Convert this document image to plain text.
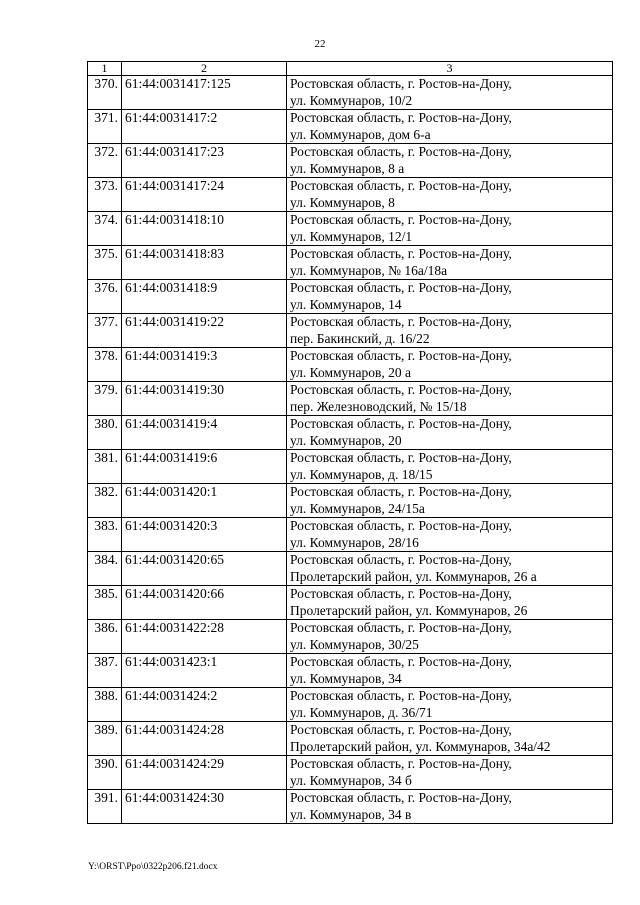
22
1	2	3
370.	61:44:0031417:125	Ростовская область, г. Ростов-на-Дону,
ул. Коммунаров, 10/2

371.	61:44:0031417:2	Ростовская область, г. Ростов-на-Дону,
ул. Коммунаров, дом 6-а

372.	61:44:0031417:23	Ростовская область, г. Ростов-на-Дону,
ул. Коммунаров, 8 а

373.	61:44:0031417:24	Ростовская область, г. Ростов-на-Дону,
ул. Коммунаров, 8

374.	61:44:0031418:10	Ростовская область, г. Ростов-на-Дону,
ул. Коммунаров, 12/1

375.	61:44:0031418:83	Ростовская область, г. Ростов-на-Дону,
ул. Коммунаров, № 16а/18а

376.	61:44:0031418:9	Ростовская область, г. Ростов-на-Дону,
ул. Коммунаров, 14

377.	61:44:0031419:22	Ростовская область, г. Ростов-на-Дону,
пер. Бакинский, д. 16/22

378.	61:44:0031419:3	Ростовская область, г. Ростов-на-Дону,
ул. Коммунаров, 20 а

379.	61:44:0031419:30	Ростовская область, г. Ростов-на-Дону,
пер. Железноводский, № 15/18

380.	61:44:0031419:4	Ростовская область, г. Ростов-на-Дону,
ул. Коммунаров, 20

381.	61:44:0031419:6	Ростовская область, г. Ростов-на-Дону,
ул. Коммунаров, д. 18/15

382.	61:44:0031420:1	Ростовская область, г. Ростов-на-Дону,
ул. Коммунаров, 24/15а

383.	61:44:0031420:3	Ростовская область, г. Ростов-на-Дону,
ул. Коммунаров, 28/16

384.	61:44:0031420:65	Ростовская область, г. Ростов-на-Дону,
Пролетарский район, ул. Коммунаров, 26 а

385.	61:44:0031420:66	Ростовская область, г. Ростов-на-Дону,
Пролетарский район, ул. Коммунаров, 26

386.	61:44:0031422:28	Ростовская область, г. Ростов-на-Дону,
ул. Коммунаров, 30/25

387.	61:44:0031423:1	Ростовская область, г. Ростов-на-Дону,
ул. Коммунаров, 34

388.	61:44:0031424:2	Ростовская область, г. Ростов-на-Дону,
ул. Коммунаров, д. 36/71

389.	61:44:0031424:28	Ростовская область, г. Ростов-на-Дону,
Пролетарский район, ул. Коммунаров, 34а/42

390.	61:44:0031424:29	Ростовская область, г. Ростов-на-Дону,
ул. Коммунаров, 34 б

391.	61:44:0031424:30	Ростовская область, г. Ростов-на-Дону,
ул. Коммунаров, 34 в
Y:\ORST\Ppo\0322p206.f21.docx
